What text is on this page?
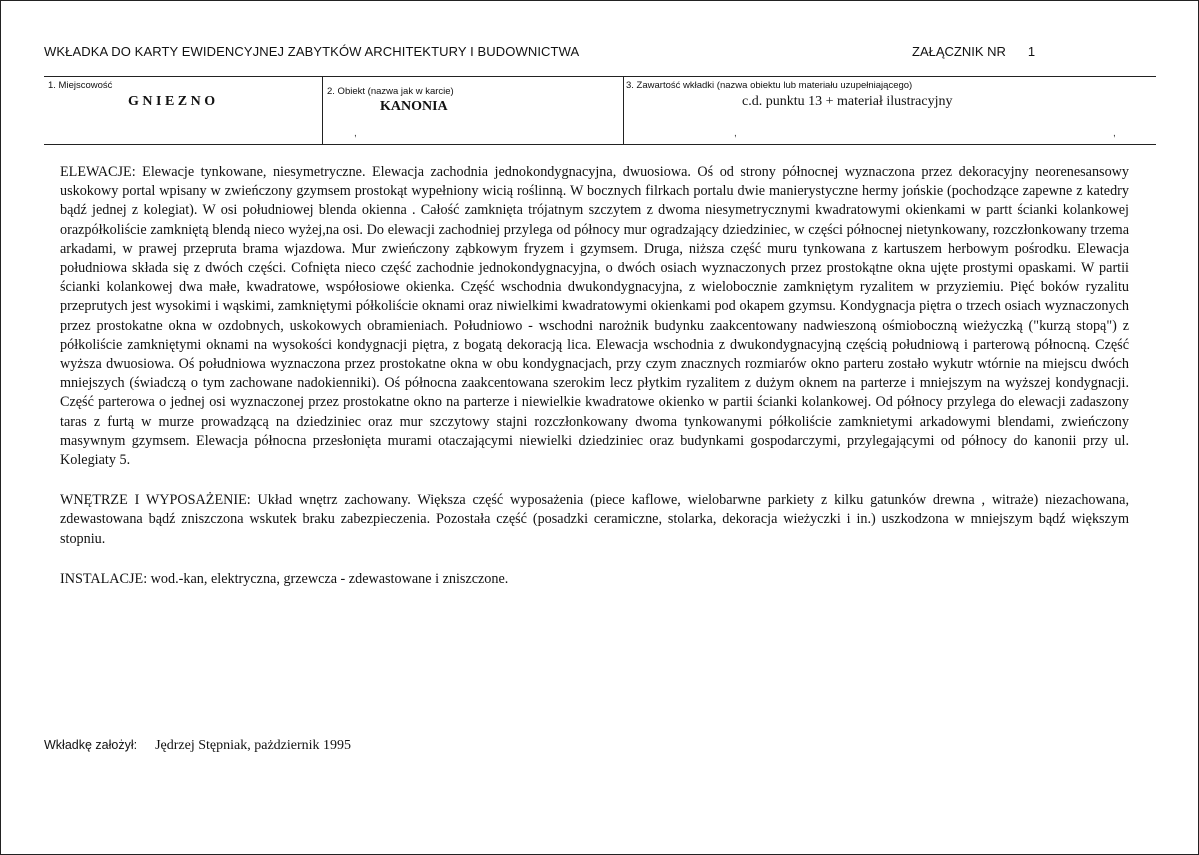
WKŁADKA DO KARTY EWIDENCYJNEJ ZABYTKÓW ARCHITEKTURY I BUDOWNICTWA	ZAŁĄCZNIK NR 1
1. Miejscowość
GNIEZNO
2. Obiekt (nazwa jak w karcie)
KANONIA
3. Zawartość wkładki (nazwa obiektu lub materiału uzupełniającego)
c.d. punktu 13 + materiał ilustracyjny
,	,	,

ELEWACJE: Elewacje tynkowane, niesymetryczne. Elewacja zachodnia jednokondygnacyjna, dwuosiowa. Oś od strony północnej wyznaczona przez dekoracyjny neorenesansowy uskokowy portal wpisany w zwieńczony gzymsem prostokąt wypełniony wicią roślinną. W bocznych filrkach portalu dwie manierystyczne hermy jońskie (pochodzące zapewne z katedry bądź jednej z kolegiat). W osi południowej blenda okienna . Całość zamknięta trójatnym szczytem z dwoma niesymetrycznymi kwadratowymi okienkami w partt ścianki kolankowej orazpółkoliście zamkniętą blendą nieco wyżej,na osi. Do elewacji zachodniej przylega od północy mur ogradzający dziedziniec, w części północnej nietynkowany, rozczłonkowany trzema arkadami, w prawej przepruta brama wjazdowa. Mur zwieńczony ząbkowym fryzem i gzymsem. Druga, niższa część muru tynkowana z kartuszem herbowym pośrodku. Elewacja południowa składa się z dwóch części. Cofnięta nieco część zachodnie jednokondygnacyjna, o dwóch osiach wyznaczonych przez prostokątne okna ujęte prostymi opaskami. W partii ścianki kolankowej dwa małe, kwadratowe, współosiowe okienka. Część wschodnia dwukondygnacyjna, z wielobocznie zamkniętym ryzalitem w przyziemiu. Pięć boków ryzalitu przeprutych jest wysokimi i wąskimi, zamkniętymi półkoliście oknami oraz niwielkimi kwadratowymi okienkami pod okapem gzymsu. Kondygnacja piętra o trzech osiach wyznaczonych przez prostokatne okna w ozdobnych, uskokowych obramieniach. Południowo - wschodni narożnik budynku zaakcentowany nadwieszoną ośmioboczną wieżyczką ("kurzą stopą") z półkoliście zamkniętymi oknami na wysokości kondygnacji piętra, z bogatą dekoracją lica. Elewacja wschodnia z dwukondygnacyjną częścią południową i parterową północną. Część wyższa dwuosiowa. Oś południowa wyznaczona przez prostokatne okna w obu kondygnacjach, przy czym znacznych rozmiarów okno parteru zostało wykutr wtórnie na miejscu dwóch mniejszych (świadczą o tym zachowane nadokienniki). Oś północna zaakcentowana szerokim lecz płytkim ryzalitem z dużym oknem na parterze i mniejszym na wyższej kondygnacji. Część parterowa o jednej osi wyznaczonej przez prostokatne okno na parterze i niewielkie kwadratowe okienko w partii ścianki kolankowej. Od północy przylega do elewacji zadaszony taras z furtą w murze prowadzącą na dziedziniec oraz mur szczytowy stajni rozczłonkowany dwoma tynkowanymi półkoliście zamknietymi arkadowymi blendami, zwieńczony masywnym gzymsem. Elewacja północna przesłonięta murami otaczającymi niewielki dziedziniec oraz budynkami gospodarczymi, przylegającymi od północy do kanonii przy ul. Kolegiaty 5.

WNĘTRZE I WYPOSAŻENIE: Układ wnętrz zachowany. Większa część wyposażenia (piece kaflowe, wielobarwne parkiety z kilku gatunków drewna , witraże) niezachowana, zdewastowana bądź zniszczona wskutek braku zabezpieczenia. Pozostała część (posadzki ceramiczne, stolarka, dekoracja wieżyczki i in.) uszkodzona w mniejszym bądź większym stopniu.

INSTALACJE: wod.-kan, elektryczna, grzewcza - zdewastowane i zniszczone.

Wkładkę założył: Jędrzej Stępniak, pażdziernik 1995
